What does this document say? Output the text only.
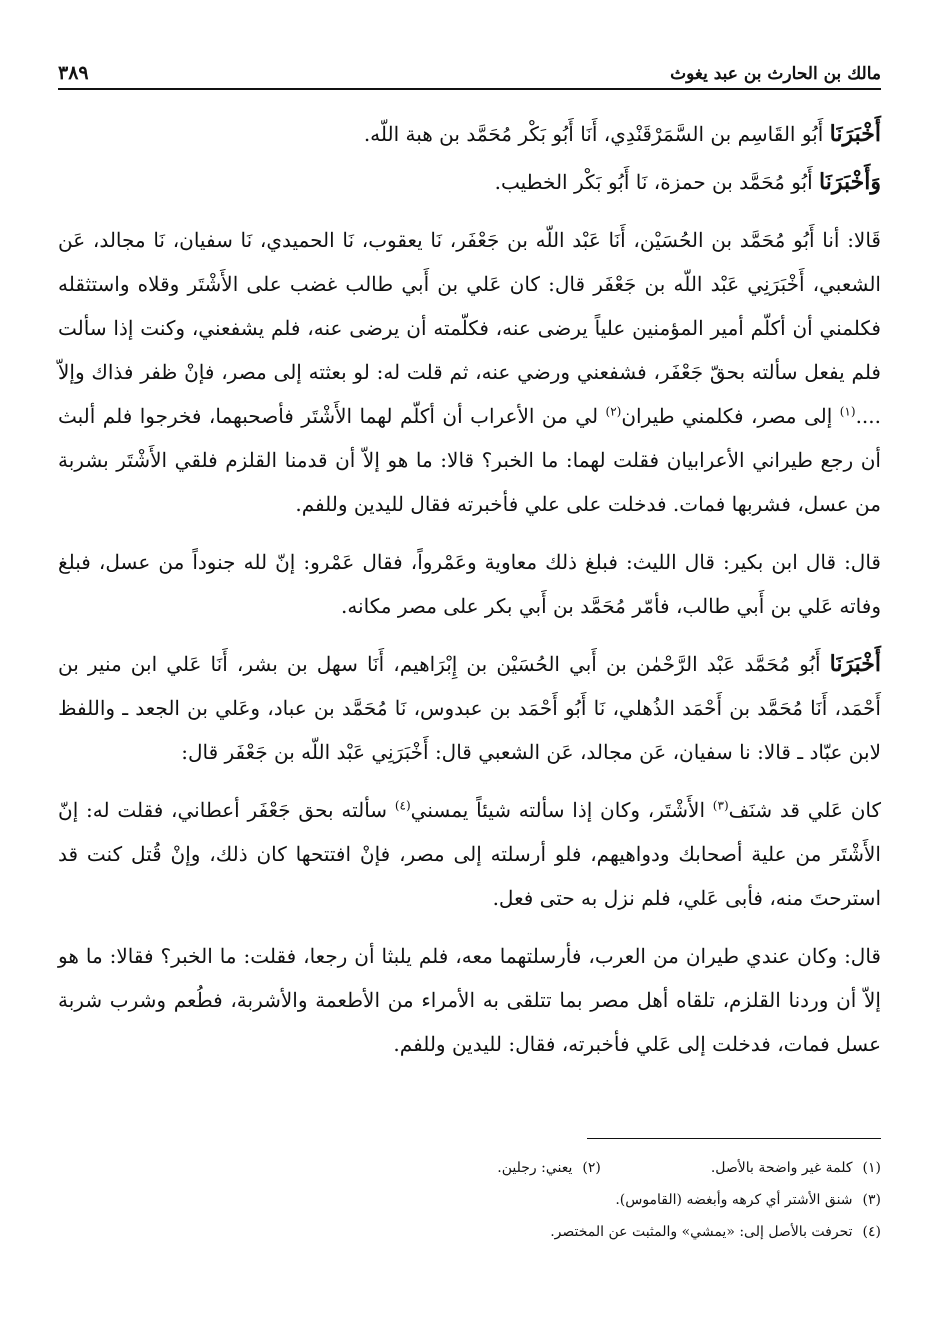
مالك بن الحارث بن عبد يغوث
٣٨٩

أَخْبَرَنَا أَبُو القَاسِم بن السَّمَرْقَنْدِي، أَنَا أَبُو بَكْر مُحَمَّد بن هبة اللّه.

وَأَخْبَرَنَا أَبُو مُحَمَّد بن حمزة، نَا أَبُو بَكْر الخطيب.

قَالا: أنا أَبُو مُحَمَّد بن الحُسَيْن، أَنَا عَبْد اللّه بن جَعْفَر، نَا يعقوب، نَا الحميدي، نَا سفيان، نَا مجالد، عَن الشعبي، أَخْبَرَنِي عَبْد اللّه بن جَعْفَر قال: كان عَلي بن أَبي طالب غضب على الأَشْتَر وقلاه واستثقله فكلمني أن أكلّم أمير المؤمنين علياً يرضى عنه، فكلّمته أن يرضى عنه، فلم يشفعني، وكنت إذا سألت فلم يفعل سألته بحقّ جَعْفَر، فشفعني ورضي عنه، ثم قلت له: لو بعثته إلى مصر، فإنْ ظفر فذاك وإلاّ ....$^{(١)}$ إلى مصر، فكلمني طيران$^{(٢)}$ لي من الأعراب أن أكلّم لهما الأَشْتَر فأصحبهما، فخرجوا فلم ألبث أن رجع طيراني الأعرابيان فقلت لهما: ما الخبر؟ قالا: ما هو إلاّ أن قدمنا القلزم فلقي الأَشْتَر بشربة من عسل، فشربها فمات. فدخلت على علي فأخبرته فقال لليدين وللفم.

قال: قال ابن بكير: قال الليث: فبلغ ذلك معاوية وعَمْرواً، فقال عَمْرو: إنّ لله جنوداً من عسل، فبلغ وفاته عَلي بن أَبي طالب، فأمّر مُحَمَّد بن أَبي بكر على مصر مكانه.

أَخْبَرَنَا أَبُو مُحَمَّد عَبْد الرَّحْمٰن بن أَبي الحُسَيْن بن إِبْرَاهيم، أَنَا سهل بن بشر، أَنَا عَلي ابن منير بن أَحْمَد، أَنَا مُحَمَّد بن أَحْمَد الذُهلي، نَا أَبُو أَحْمَد بن عبدوس، نَا مُحَمَّد بن عباد، وعَلي بن الجعد ـ واللفظ لابن عبّاد ـ قالا: نا سفيان، عَن مجالد، عَن الشعبي قال: أَخْبَرَنِي عَبْد اللّه بن جَعْفَر قال:

كان عَلي قد شنَف$^{(٣)}$ الأَشْتَر، وكان إذا سألته شيئاً يمسني$^{(٤)}$ سألته بحق جَعْفَر أعطاني، فقلت له: إنّ الأَشْتَر من علية أصحابك ودواهيهم، فلو أرسلته إلى مصر، فإنْ افتتحها كان ذلك، وإنْ قُتل كنت قد استرحتَ منه، فأبى عَلي، فلم نزل به حتى فعل.

قال: وكان عندي طيران من العرب، فأرسلتهما معه، فلم يلبثا أن رجعا، فقلت: ما الخبر؟ فقالا: ما هو إلاّ أن وردنا القلزم، تلقاه أهل مصر بما تتلقى به الأمراء من الأطعمة والأشربة، فطُعم وشرب شربة عسل فمات، فدخلت إلى عَلي فأخبرته، فقال: لليدين وللفم.

(١)كلمة غير واضحة بالأصل.
(٢)يعني: رجلين.
(٣)شنق الأشتر أي كرهه وأبغضه (القاموس).
(٤)تحرفت بالأصل إلى: «يمشي» والمثبت عن المختصر.
